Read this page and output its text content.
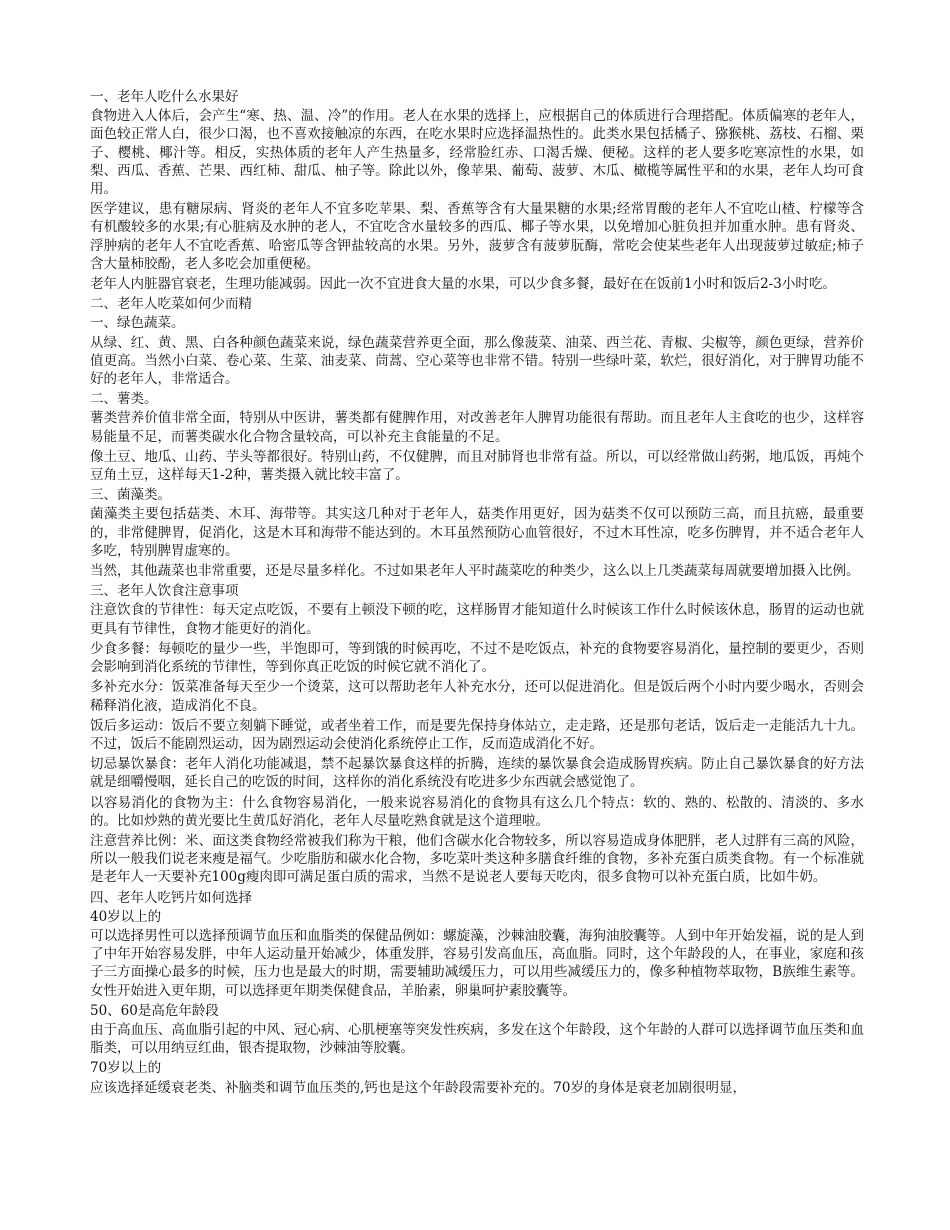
一、老年人吃什么水果好

食物进入人体后，会产生“寒、热、温、冷”的作用。老人在水果的选择上，应根据自己的体质进行合理搭配。体质偏寒的老年人，面色较正常人白，很少口渴，也不喜欢接触凉的东西，在吃水果时应选择温热性的。此类水果包括橘子、猕猴桃、荔枝、石榴、栗子、樱桃、椰汁等。相反，实热体质的老年人产生热量多，经常脸红赤、口渴舌燥、便秘。这样的老人要多吃寒凉性的水果，如梨、西瓜、香蕉、芒果、西红柿、甜瓜、柚子等。除此以外，像苹果、葡萄、菠萝、木瓜、橄榄等属性平和的水果，老年人均可食用。

医学建议，患有糖尿病、肾炎的老年人不宜多吃苹果、梨、香蕉等含有大量果糖的水果;经常胃酸的老年人不宜吃山楂、柠檬等含有机酸较多的水果;有心脏病及水肿的老人，不宜吃含水量较多的西瓜、椰子等水果，以免增加心脏负担并加重水肿。患有肾炎、浮肿病的老年人不宜吃香蕉、哈密瓜等含钾盐较高的水果。另外，菠萝含有菠萝朊酶，常吃会使某些老年人出现菠萝过敏症;柿子含大量柿胶酚，老人多吃会加重便秘。

老年人内脏器官衰老，生理功能减弱。因此一次不宜进食大量的水果，可以少食多餐，最好在在饭前1小时和饭后2-3小时吃。

二、老年人吃菜如何少而精

一、绿色蔬菜。

从绿、红、黄、黑、白各种颜色蔬菜来说，绿色蔬菜营养更全面，那么像菠菜、油菜、西兰花、青椒、尖椒等，颜色更绿，营养价值更高。当然小白菜、卷心菜、生菜、油麦菜、茼蒿、空心菜等也非常不错。特别一些绿叶菜，软烂，很好消化，对于脾胃功能不好的老年人，非常适合。

二、薯类。

薯类营养价值非常全面，特别从中医讲，薯类都有健脾作用，对改善老年人脾胃功能很有帮助。而且老年人主食吃的也少，这样容易能量不足，而薯类碳水化合物含量较高，可以补充主食能量的不足。

像土豆、地瓜、山药、芋头等都很好。特别山药，不仅健脾，而且对肺肾也非常有益。所以，可以经常做山药粥，地瓜饭，再炖个豆角土豆，这样每天1-2种，薯类摄入就比较丰富了。

三、菌藻类。

菌藻类主要包括菇类、木耳、海带等。其实这几种对于老年人，菇类作用更好，因为菇类不仅可以预防三高，而且抗癌，最重要的，非常健脾胃，促消化，这是木耳和海带不能达到的。木耳虽然预防心血管很好，不过木耳性凉，吃多伤脾胃，并不适合老年人多吃，特别脾胃虚寒的。

当然，其他蔬菜也非常重要，还是尽量多样化。不过如果老年人平时蔬菜吃的种类少，这么以上几类蔬菜每周就要增加摄入比例。

三、老年人饮食注意事项

注意饮食的节律性：每天定点吃饭，不要有上顿没下顿的吃，这样肠胃才能知道什么时候该工作什么时候该休息，肠胃的运动也就更具有节律性，食物才能更好的消化。

少食多餐：每顿吃的量少一些，半饱即可，等到饿的时候再吃，不过不是吃饭点，补充的食物要容易消化，量控制的要更少，否则会影响到消化系统的节律性，等到你真正吃饭的时候它就不消化了。

多补充水分：饭菜准备每天至少一个烫菜，这可以帮助老年人补充水分，还可以促进消化。但是饭后两个小时内要少喝水，否则会稀释消化液，造成消化不良。

饭后多运动：饭后不要立刻躺下睡觉，或者坐着工作，而是要先保持身体站立，走走路，还是那句老话，饭后走一走能活九十九。不过，饭后不能剧烈运动，因为剧烈运动会使消化系统停止工作，反而造成消化不好。

切忌暴饮暴食：老年人消化功能减退，禁不起暴饮暴食这样的折腾，连续的暴饮暴食会造成肠胃疾病。防止自己暴饮暴食的好方法就是细嚼慢咽，延长自己的吃饭的时间，这样你的消化系统没有吃进多少东西就会感觉饱了。

以容易消化的食物为主：什么食物容易消化，一般来说容易消化的食物具有这么几个特点：软的、熟的、松散的、清淡的、多水的。比如炒熟的黄光要比生黄瓜好消化，老年人尽量吃熟食就是这个道理啦。

注意营养比例：米、面这类食物经常被我们称为干粮，他们含碳水化合物较多，所以容易造成身体肥胖，老人过胖有三高的风险，所以一般我们说老来瘦是福气。少吃脂肪和碳水化合物，多吃菜叶类这种多膳食纤维的食物，多补充蛋白质类食物。有一个标准就是老年人一天要补充100g瘦肉即可满足蛋白质的需求，当然不是说老人要每天吃肉，很多食物可以补充蛋白质，比如牛奶。

四、老年人吃钙片如何选择

40岁以上的

可以选择男性可以选择预调节血压和血脂类的保健品例如：螺旋藻，沙棘油胶囊，海狗油胶囊等。人到中年开始发福，说的是人到了中年开始容易发胖，中年人运动量开始减少，体重发胖，容易引发高血压，高血脂。同时，这个年龄段的人，在事业，家庭和孩子三方面操心最多的时候，压力也是最大的时期，需要辅助减缓压力，可以用些减缓压力的，像多种植物萃取物，B族维生素等。女性开始进入更年期，可以选择更年期类保健食品，羊胎素，卵巢呵护素胶囊等。

50、60是高危年龄段

由于高血压、高血脂引起的中风、冠心病、心肌梗塞等突发性疾病，多发在这个年龄段，这个年龄的人群可以选择调节血压类和血脂类，可以用纳豆红曲，银杏提取物，沙棘油等胶囊。

70岁以上的

应该选择延缓衰老类、补脑类和调节血压类的,钙也是这个年龄段需要补充的。70岁的身体是衰老加剧很明显，
